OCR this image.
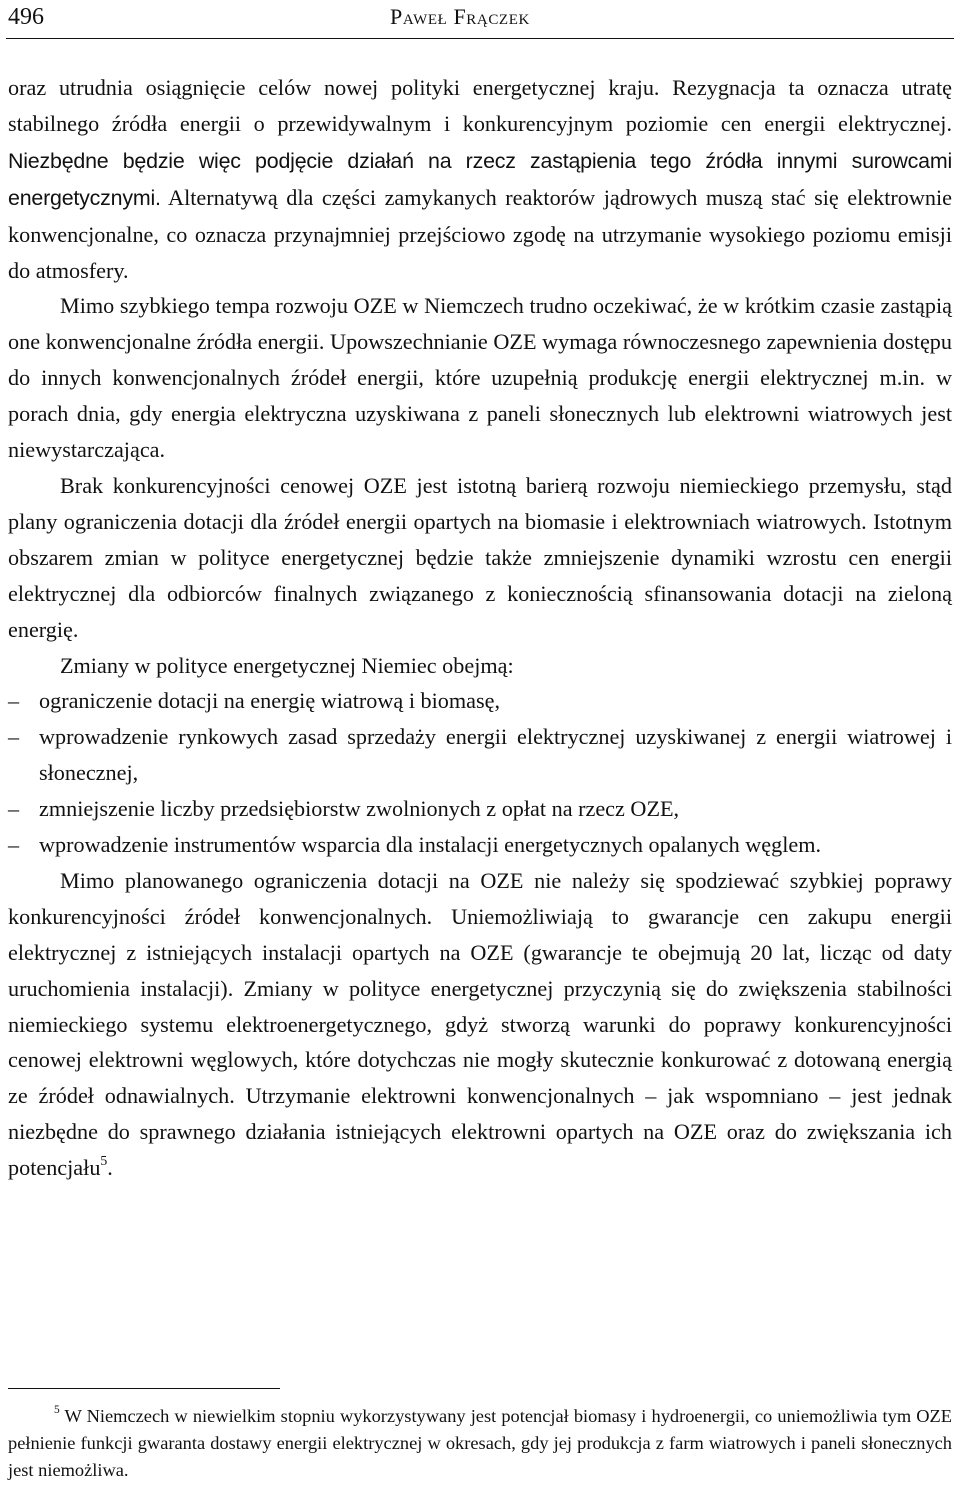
496	Paweł Frączek

oraz utrudnia osiągnięcie celów nowej polityki energetycznej kraju. Rezygnacja ta oznacza utratę stabilnego źródła energii o przewidywalnym i konkurencyjnym poziomie cen energii elektrycznej. Niezbędne będzie więc podjęcie działań na rzecz zastąpienia tego źródła innymi surowcami energetycznymi. Alternatywą dla części zamykanych reaktorów jądrowych muszą stać się elektrownie konwencjonalne, co oznacza przynajmniej przejściowo zgodę na utrzymanie wysokiego poziomu emisji do atmosfery.

Mimo szybkiego tempa rozwoju OZE w Niemczech trudno oczekiwać, że w krótkim czasie zastąpią one konwencjonalne źródła energii. Upowszechnianie OZE wymaga równoczesnego zapewnienia dostępu do innych konwencjonalnych źródeł energii, które uzupełnią produkcję energii elektrycznej m.in. w porach dnia, gdy energia elektryczna uzyskiwana z paneli słonecznych lub elektrowni wiatrowych jest niewystarczająca.

Brak konkurencyjności cenowej OZE jest istotną barierą rozwoju niemieckiego przemysłu, stąd plany ograniczenia dotacji dla źródeł energii opartych na biomasie i elektrowniach wiatrowych. Istotnym obszarem zmian w polityce energetycznej będzie także zmniejszenie dynamiki wzrostu cen energii elektrycznej dla odbiorców finalnych związanego z koniecznością sfinansowania dotacji na zieloną energię.

Zmiany w polityce energetycznej Niemiec obejmą:

– ograniczenie dotacji na energię wiatrową i biomasę,

– wprowadzenie rynkowych zasad sprzedaży energii elektrycznej uzyskiwanej z energii wiatrowej i słonecznej,

– zmniejszenie liczby przedsiębiorstw zwolnionych z opłat na rzecz OZE,

– wprowadzenie instrumentów wsparcia dla instalacji energetycznych opalanych węglem.

Mimo planowanego ograniczenia dotacji na OZE nie należy się spodziewać szybkiej poprawy konkurencyjności źródeł konwencjonalnych. Uniemożliwiają to gwarancje cen zakupu energii elektrycznej z istniejących instalacji opartych na OZE (gwarancje te obejmują 20 lat, licząc od daty uruchomienia instalacji). Zmiany w polityce energetycznej przyczynią się do zwiększenia stabilności niemieckiego systemu elektroenergetycznego, gdyż stworzą warunki do poprawy konkurencyjności cenowej elektrowni węglowych, które dotychczas nie mogły skutecznie konkurować z dotowaną energią ze źródeł odnawialnych. Utrzymanie elektrowni konwencjonalnych – jak wspomniano – jest jednak niezbędne do sprawnego działania istniejących elektrowni opartych na OZE oraz do zwiększania ich potencjału$^5$.

$^5$ W Niemczech w niewielkim stopniu wykorzystywany jest potencjał biomasy i hydroenergii, co uniemożliwia tym OZE pełnienie funkcji gwaranta dostawy energii elektrycznej w okresach, gdy jej produkcja z farm wiatrowych i paneli słonecznych jest niemożliwa.
